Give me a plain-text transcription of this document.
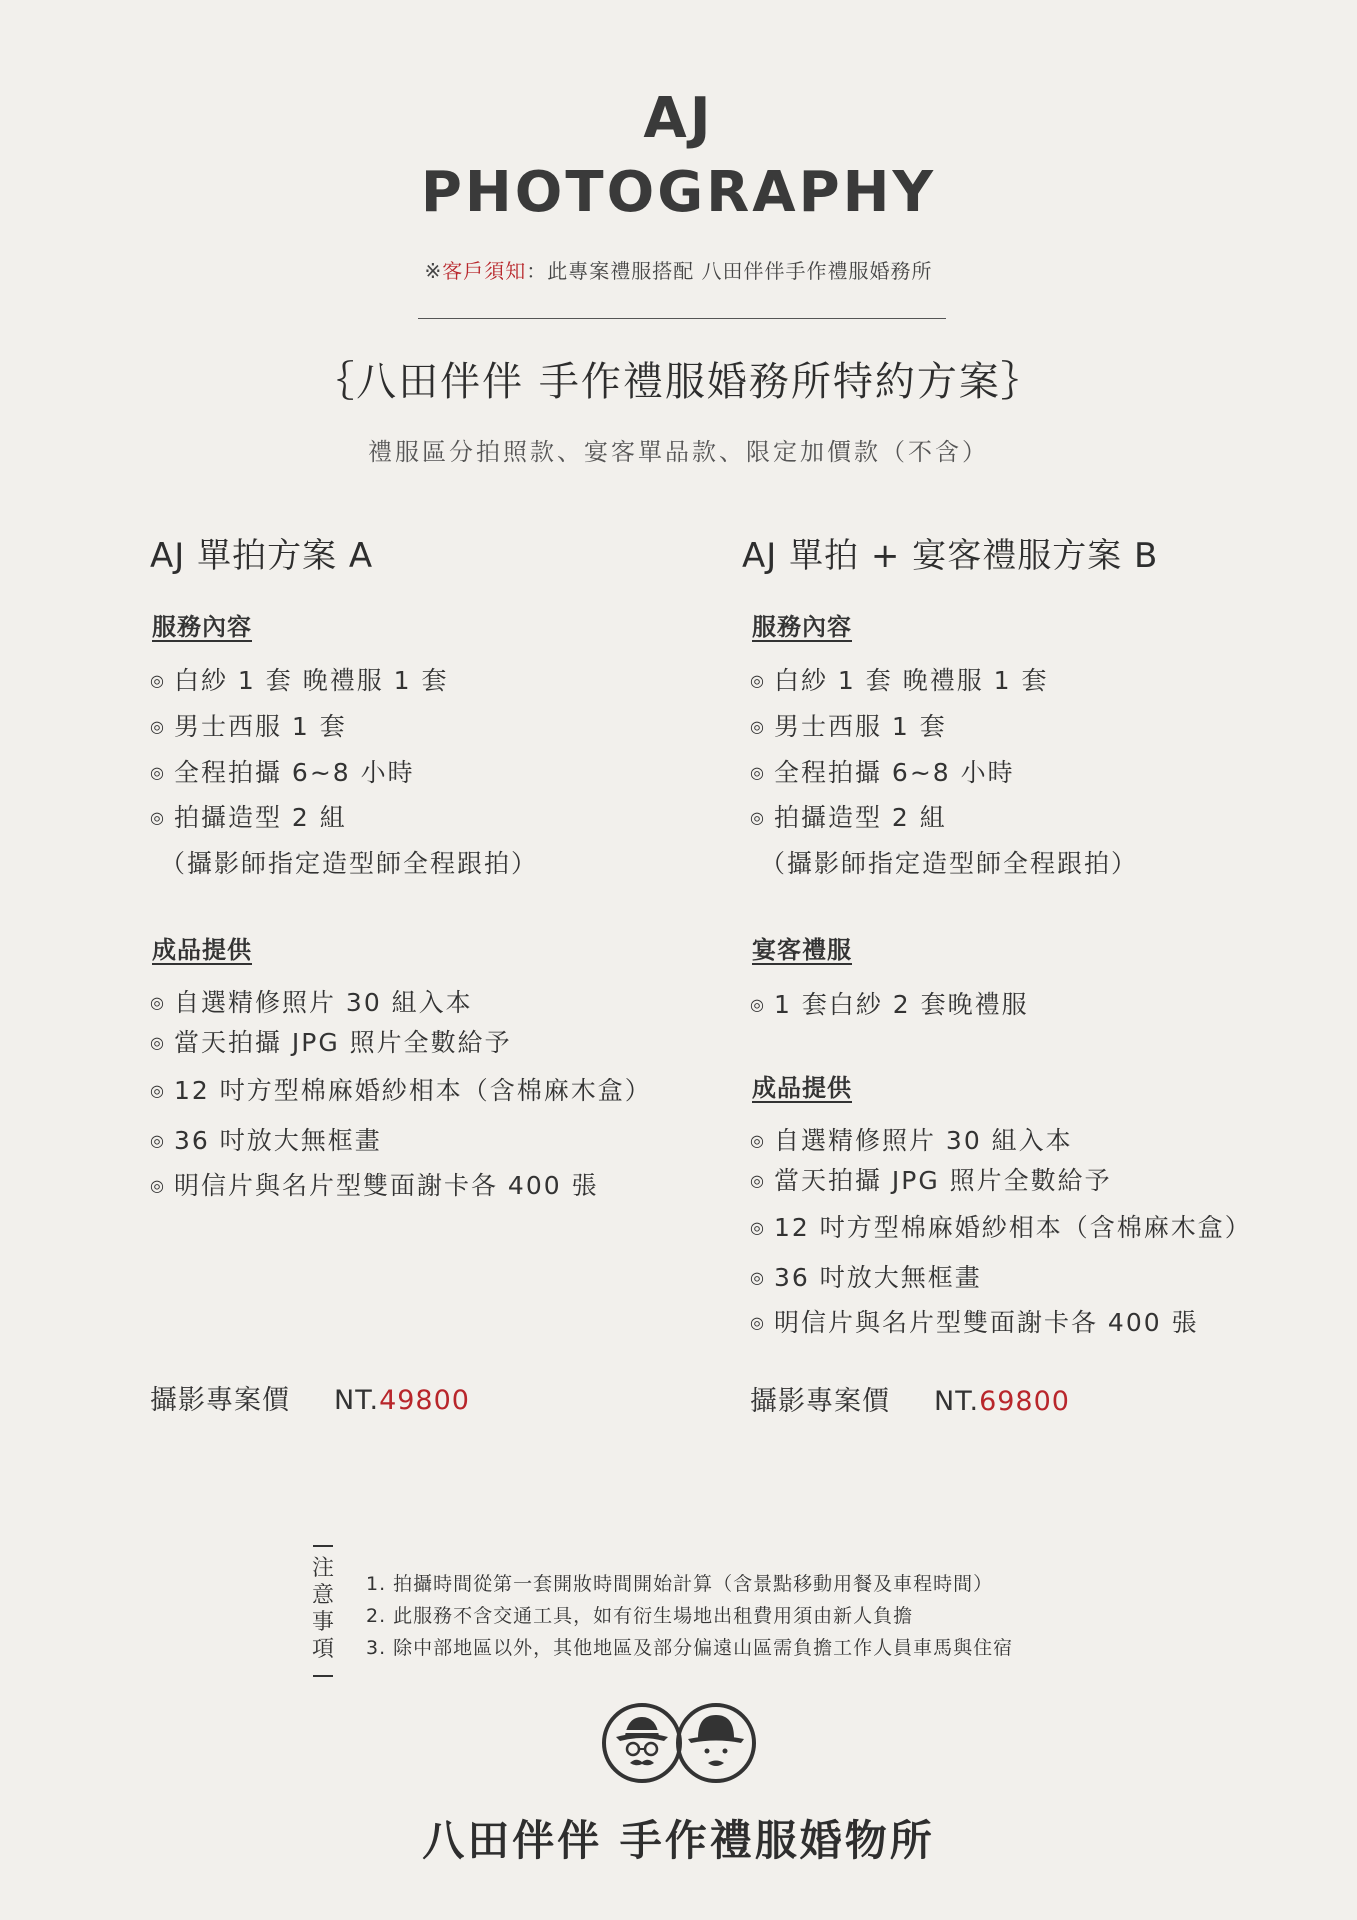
AJ
PHOTOGRAPHY
※客戶須知：此專案禮服搭配 八田伴伴手作禮服婚務所
｛八田伴伴 手作禮服婚務所特約方案｝
禮服區分拍照款、宴客單品款、限定加價款（不含）
AJ 單拍方案 A
服務內容
◎ 白紗 1 套 晚禮服 1 套
◎ 男士西服 1 套
◎ 全程拍攝 6~8 小時
◎ 拍攝造型 2 組
（攝影師指定造型師全程跟拍）
成品提供
◎ 自選精修照片 30 組入本
◎ 當天拍攝 JPG 照片全數給予
◎ 12 吋方型棉麻婚紗相本（含棉麻木盒）
◎ 36 吋放大無框畫
◎ 明信片與名片型雙面謝卡各 400 張
攝影專案價 NT.49800
AJ 單拍 + 宴客禮服方案 B
服務內容
◎ 白紗 1 套 晚禮服 1 套
◎ 男士西服 1 套
◎ 全程拍攝 6~8 小時
◎ 拍攝造型 2 組
（攝影師指定造型師全程跟拍）
宴客禮服
◎ 1 套白紗 2 套晚禮服
成品提供
◎ 自選精修照片 30 組入本
◎ 當天拍攝 JPG 照片全數給予
◎ 12 吋方型棉麻婚紗相本（含棉麻木盒）
◎ 36 吋放大無框畫
◎ 明信片與名片型雙面謝卡各 400 張
攝影專案價 NT.69800
注
意
事
項
1. 拍攝時間從第一套開妝時間開始計算（含景點移動用餐及車程時間）
2. 此服務不含交通工具，如有衍生場地出租費用須由新人負擔
3. 除中部地區以外，其他地區及部分偏遠山區需負擔工作人員車馬與住宿
八田伴伴 手作禮服婚物所
